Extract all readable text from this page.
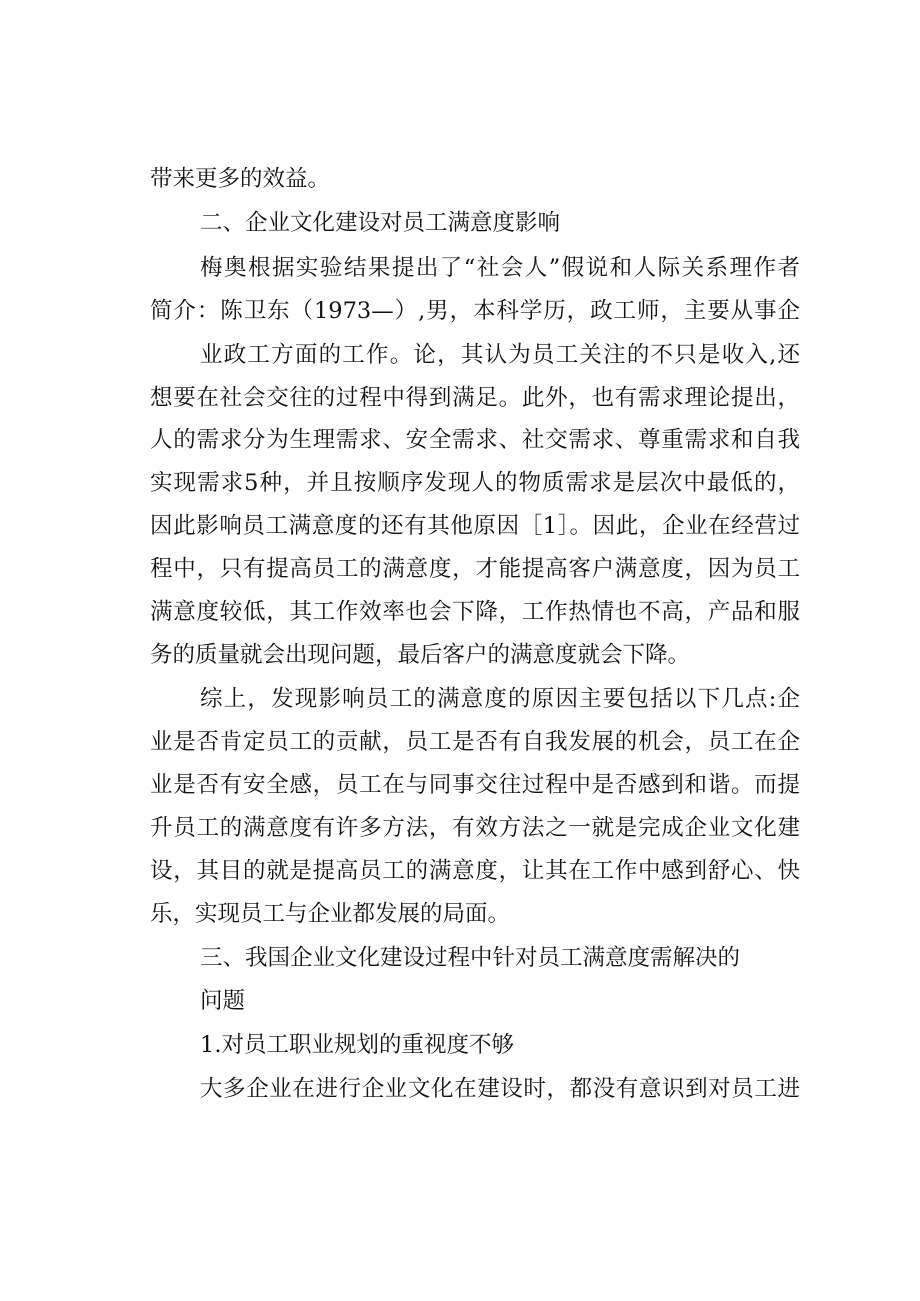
带来更多的效益。
二、企业文化建设对员工满意度影响
梅奥根据实验结果提出了“社会人”假说和人际关系理作者
简介：陈卫东（1973—）,男，本科学历，政工师，主要从事企
业政工方面的工作。论，其认为员工关注的不只是收入,还
想要在社会交往的过程中得到满足。此外，也有需求理论提出，
人的需求分为生理需求、安全需求、社交需求、尊重需求和自我
实现需求5种，并且按顺序发现人的物质需求是层次中最低的，
因此影响员工满意度的还有其他原因［1］。因此，企业在经营过
程中，只有提高员工的满意度，才能提高客户满意度，因为员工
满意度较低，其工作效率也会下降，工作热情也不高，产品和服
务的质量就会出现问题，最后客户的满意度就会下降。
综上，发现影响员工的满意度的原因主要包括以下几点:企
业是否肯定员工的贡献，员工是否有自我发展的机会，员工在企
业是否有安全感，员工在与同事交往过程中是否感到和谐。而提
升员工的满意度有许多方法，有效方法之一就是完成企业文化建
设，其目的就是提高员工的满意度，让其在工作中感到舒心、快
乐，实现员工与企业都发展的局面。
三、我国企业文化建设过程中针对员工满意度需解决的
问题
1.对员工职业规划的重视度不够
大多企业在进行企业文化在建设时，都没有意识到对员工进
